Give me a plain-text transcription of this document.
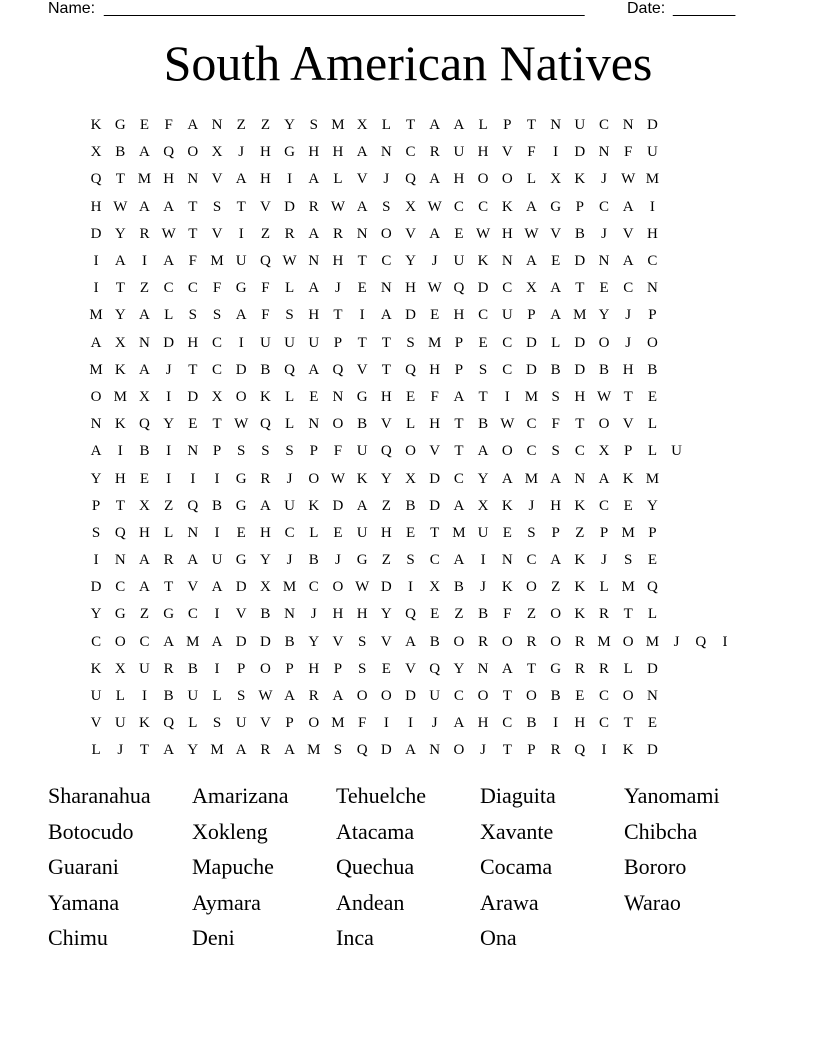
Name: ______________________________________________________	Date: _______
South American Natives
K G E	F A N Z	Z Y S M X L	T A A L	P	T N U C N D
X B A Q O X	J	H G H H A N C R U H V F	I	D N F U
Q T M H N V A H	I	A L V	J	Q A H O O L X K	J W M
H W A A T	S	T V D R W A S X W C C K A G P	C A	I
D Y R W T V	I	Z R A R N O V A E W H W V B	J	V H
I	A	I	A F M U Q W N H T C Y	J	U K N A E D N A C
I	T	Z C C	F G F	L A	J	E N H W Q D C X A T	E C N
M Y A L	S	S A F	S H T	I	A D E H C U P A M Y	J	P
A X N D H C	I	U U U P	T	T	S M P	E C D L D O	J	O
M K A	J	T C D B Q A Q V T Q H P	S	C D B D B H B
O M X	I	D X O K L	E N G H E	F A T	I	M S H W T	E
N K Q Y E	T W Q L N O B V L H T B W C	F	T O V L
A	I	B	I	N P	S	S	S	P	F U Q O V T A O C	S	C X P	L U
Y H E	I	I	I	G R	J	O W K Y X D C Y A M A N A K M
P	T X Z Q B G A U K D A Z B D A X K	J	H K C E Y
S Q H L N	I	E H C L	E U H E	T M U E	S	P	Z	P M P
I	N A R A U G Y	J	B	J	G Z	S	C A	I	N C A K	J	S	E
D C A T V A D X M C O W D	I	X B	J	K O Z K L M Q
Y G Z G C	I	V B N	J	H H Y Q E	Z B	F	Z O K R T	L
C O C A M A D D B Y V S V A B O R O R O R M O M J	Q	I
K X U R B	I	P O P H P	S	E V Q Y N A T G R R L D
U L	I	B U L	S W A R A O O D U C O T O B E C O N
V U K Q L	S U V P O M F	I	I	J	A H C B	I	H C T	E
L	J	T A Y M A R A M S Q D A N O	J	T	P	R Q	I	K D
Sharanahua	Amarizana	Tehuelche	Diaguita	Yanomami
Botocudo	Xokleng	Atacama	Xavante	Chibcha
Guarani	Mapuche	Quechua	Cocama	Bororo
Yamana	Aymara	Andean	Arawa	Warao
Chimu	Deni	Inca	Ona
